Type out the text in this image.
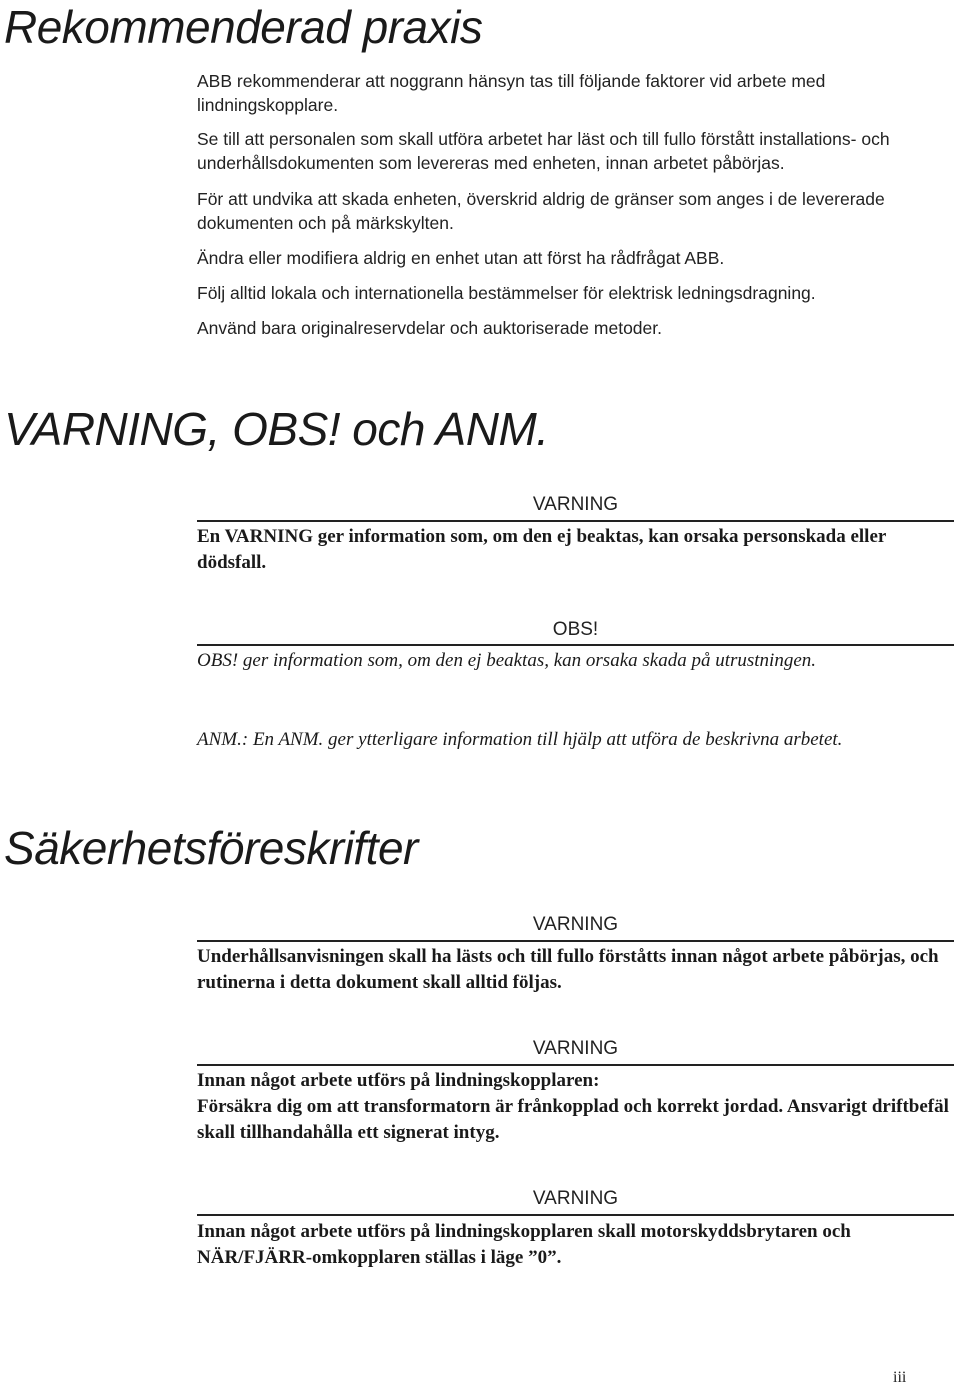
Rekommenderad praxis

ABB rekommenderar att noggrann hänsyn tas till följande faktorer vid arbete med lindningskopplare.

Se till att personalen som skall utföra arbetet har läst och till fullo förstått installations- och underhållsdokumenten som levereras med enheten, innan arbetet påbörjas.

För att undvika att skada enheten, överskrid aldrig de gränser som anges i de levererade dokumenten och på märkskylten.

Ändra eller modifiera aldrig en enhet utan att först ha rådfrågat ABB.

Följ alltid lokala och internationella bestämmelser för elektrisk ledningsdragning.

Använd bara originalreservdelar och auktoriserade metoder.

VARNING, OBS! och ANM.
VARNING
En VARNING ger information som, om den ej beaktas, kan orsaka personskada eller dödsfall.
OBS!
OBS! ger information som, om den ej beaktas, kan orsaka skada på utrustningen.
ANM.: En ANM. ger ytterligare information till hjälp att utföra de beskrivna arbetet.
Säkerhetsföreskrifter
VARNING

Underhållsanvisningen skall ha lästs och till fullo förståtts innan något arbete påbörjas, och rutinerna i detta dokument skall alltid följas.

VARNING

Innan något arbete utförs på lindningskopplaren:

Försäkra dig om att transformatorn är frånkopplad och korrekt jordad. Ansvarigt driftbefäl skall tillhandahålla ett signerat intyg.

VARNING

Innan något arbete utförs på lindningskopplaren skall motorskyddsbrytaren och NÄR/FJÄRR-omkopplaren ställas i läge ”0”.

iii
